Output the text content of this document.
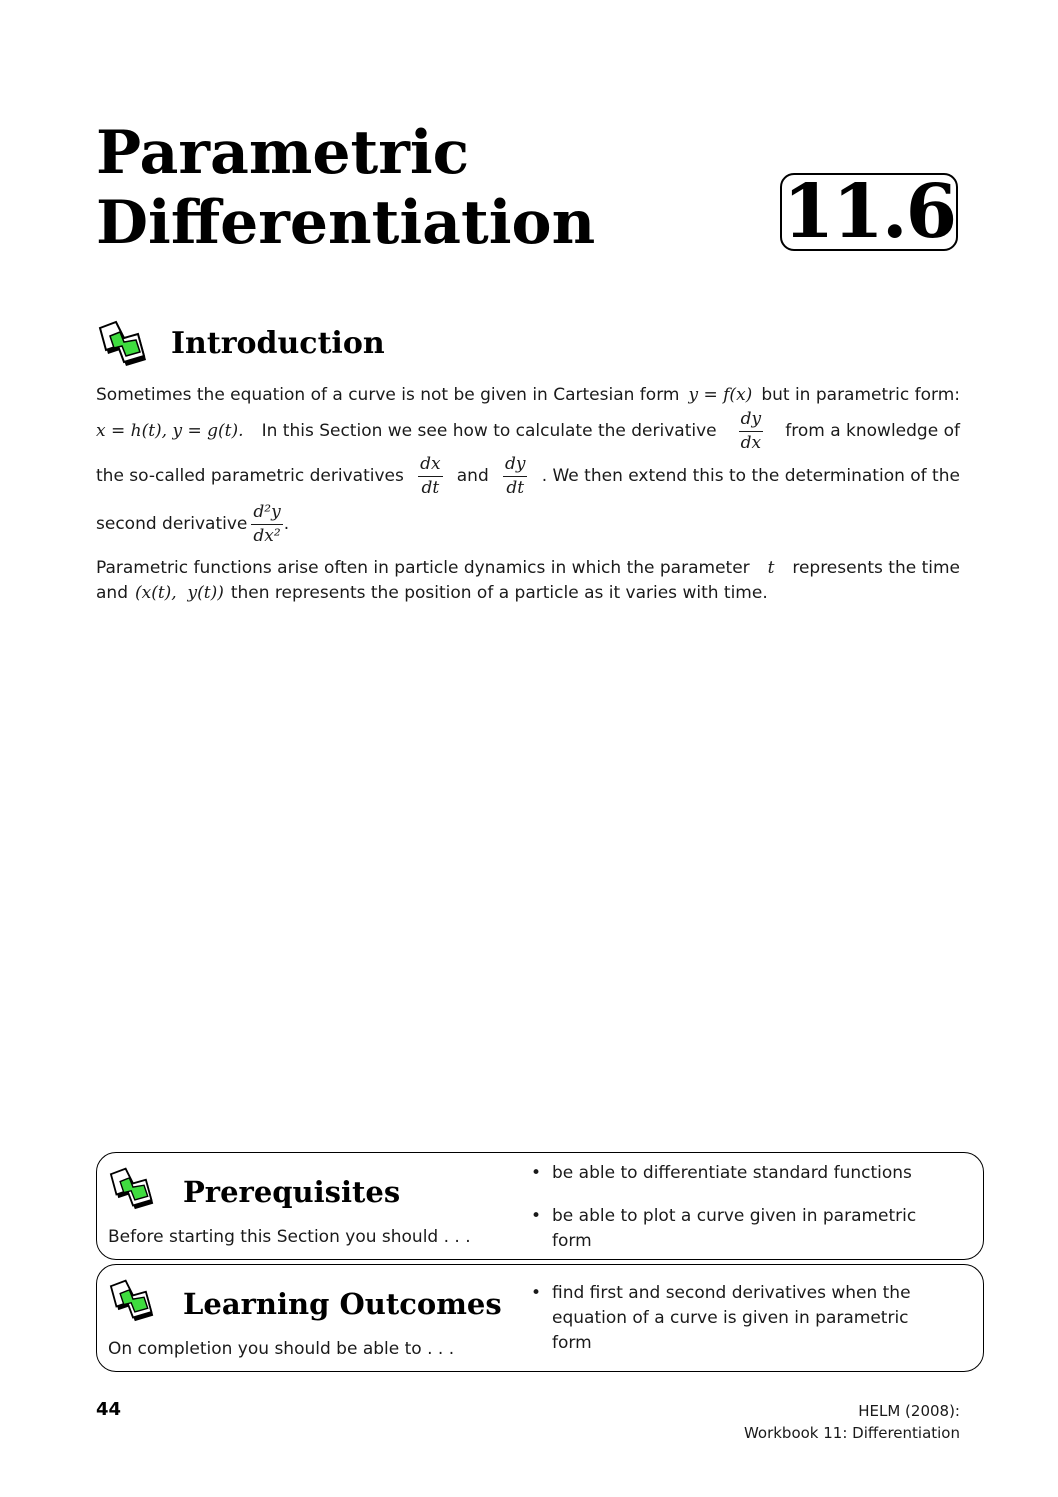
Parametric
Differentiation	11.6
Introduction
Sometimes the equation of a curve is not be given in Cartesian form y = f(x) but in parametric form:
x = h(t), y = g(t). In this Section we see how to calculate the derivative $\frac{dy}{dx}$ from a knowledge of
the so-called parametric derivatives $\frac{dx}{dt}$ and $\frac{dy}{dt}$ . We then extend this to the determination of the
second derivative $\frac{\text{d²y}}{\text{dx²}}$ .
Parametric functions arise often in particle dynamics in which the parameter t represents the time
and (x(t),  y(t)) then represents the position of a particle as it varies with time.
Prerequisites
Before starting this Section you should . . .
• be able to differentiate standard functions
• be able to plot a curve given in parametric form
Learning Outcomes
On completion you should be able to . . .
• find first and second derivatives when the equation of a curve is given in parametric form
44	HELM (2008):
Workbook 11: Differentiation
